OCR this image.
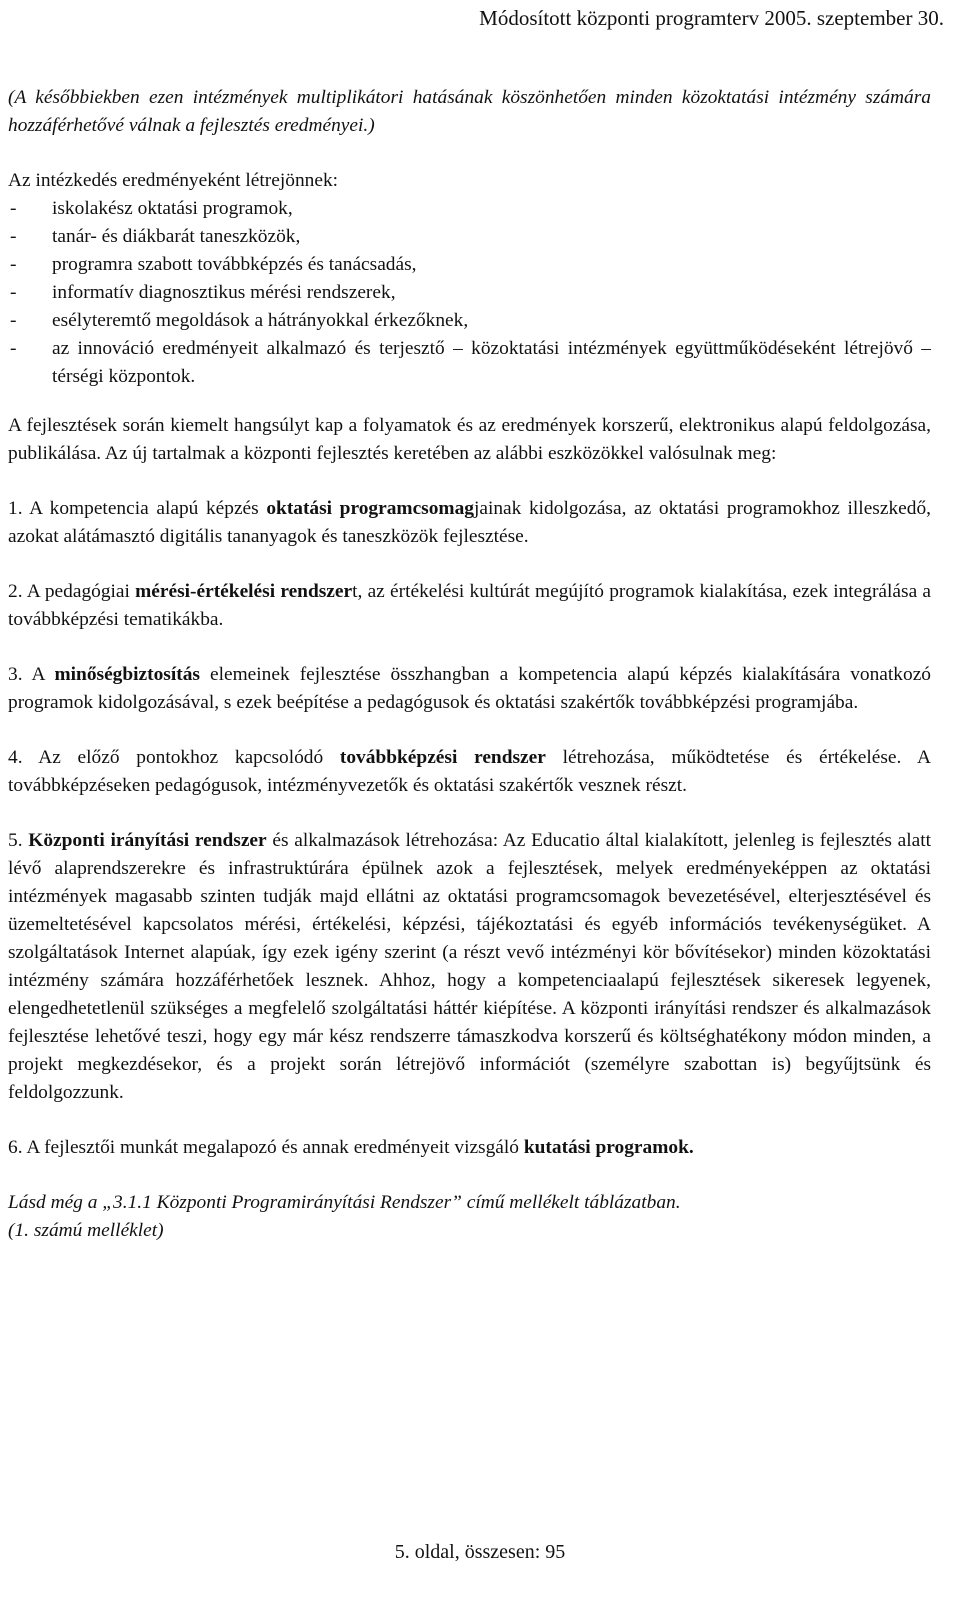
Módosított központi programterv 2005. szeptember 30.

(A későbbiekben ezen intézmények multiplikátori hatásának köszönhetően minden közoktatási intézmény számára hozzáférhetővé válnak a fejlesztés eredményei.)

Az intézkedés eredményeként létrejönnek:

- iskolakész oktatási programok,
- tanár- és diákbarát taneszközök,
- programra szabott továbbképzés és tanácsadás,
- informatív diagnosztikus mérési rendszerek,
- esélyteremtő megoldások a hátrányokkal érkezőknek,
- az innováció eredményeit alkalmazó és terjesztő – közoktatási intézmények együttműködéseként létrejövő – térségi központok.

A fejlesztések során kiemelt hangsúlyt kap a folyamatok és az eredmények korszerű, elektronikus alapú feldolgozása, publikálása. Az új tartalmak a központi fejlesztés keretében az alábbi eszközökkel valósulnak meg:

1. A kompetencia alapú képzés oktatási programcsomagjainak kidolgozása, az oktatási programokhoz illeszkedő, azokat alátámasztó digitális tananyagok és taneszközök fejlesztése.

2. A pedagógiai mérési-értékelési rendszert, az értékelési kultúrát megújító programok kialakítása, ezek integrálása a továbbképzési tematikákba.

3. A minőségbiztosítás elemeinek fejlesztése összhangban a kompetencia alapú képzés kialakítására vonatkozó programok kidolgozásával, s ezek beépítése a pedagógusok és oktatási szakértők továbbképzési programjába.

4. Az előző pontokhoz kapcsolódó továbbképzési rendszer létrehozása, működtetése és értékelése. A továbbképzéseken pedagógusok, intézményvezetők és oktatási szakértők vesznek részt.

5. Központi irányítási rendszer és alkalmazások létrehozása: Az Educatio által kialakított, jelenleg is fejlesztés alatt lévő alaprendszerekre és infrastruktúrára épülnek azok a fejlesztések, melyek eredményeképpen az oktatási intézmények magasabb szinten tudják majd ellátni az oktatási programcsomagok bevezetésével, elterjesztésével és üzemeltetésével kapcsolatos mérési, értékelési, képzési, tájékoztatási és egyéb információs tevékenységüket. A szolgáltatások Internet alapúak, így ezek igény szerint (a részt vevő intézményi kör bővítésekor) minden közoktatási intézmény számára hozzáférhetőek lesznek. Ahhoz, hogy a kompetenciaalapú fejlesztések sikeresek legyenek, elengedhetetlenül szükséges a megfelelő szolgáltatási háttér kiépítése. A központi irányítási rendszer és alkalmazások fejlesztése lehetővé teszi, hogy egy már kész rendszerre támaszkodva korszerű és költséghatékony módon minden, a projekt megkezdésekor, és a projekt során létrejövő információt (személyre szabottan is) begyűjtsünk és feldolgozzunk.

6. A fejlesztői munkát megalapozó és annak eredményeit vizsgáló kutatási programok.

Lásd még a „3.1.1 Központi Programirányítási Rendszer” című mellékelt táblázatban.

(1. számú melléklet)

5. oldal, összesen: 95
